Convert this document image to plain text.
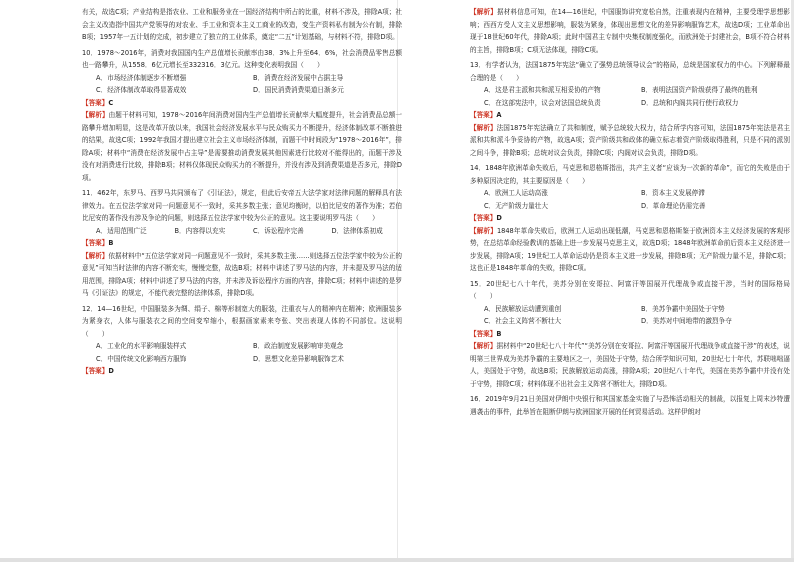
有关，故选C项；产业结构是指农业、工业和服务业在一国经济结构中所占的比重，材料不涉及，排除A项；社会主义改造指中国共产党领导的对农业、手工业和资本主义工商业的改造，变生产资料私有制为公有制，排除B项；1957年一五计划的完成，初步建立了独立的工业体系，奠定“二五”计划基础，与材料不符，排除D项。

10．1978～2016年，消费对我国国内生产总值增长贡献率由38．3%上升至64．6%，社会消费品零售总额也一路攀升，从1558．6亿元增长至332316．3亿元。这种变化表明我国（　　）

A．市场经济体制逐步不断增强	B．消费在经济发展中占据主导
C．经济体制改革取得显著成效	D．国民消费消费渠道日渐多元

【答案】C

【解析】由题干材料可知，1978～2016年间消费对国内生产总值增长贡献率大幅度提升，社会消费品总额一路攀升增加明显，这是改革开放以来，我国社会经济发展水平与民众购买力不断提升，经济体制改革不断推进的结果，故选C项；1992年我国才提出建立社会主义市场经济体制，而题干中时间段为“1978～2016年”，排除A项；材料中“消费在经济发展中占主导”是需要推动消费发展其他因素进行比较对不能得出的，而题干涉及没有对消费进行比较，排除B项；材料仅体现民众购买力的不断提升，并没有涉及到消费渠道是否多元，排除D项。

11．462年，东罗马、西罗马共同颁布了《引证法》，规定，但此后安帝五大法学家对法律问题的解释具有法律效力。在五位法学家对同一问题意见不一致时，采其多数主张；意见均衡时，以伯比尼安的著作为准；若伯比尼安的著作没有涉及争论的问题，则选择五位法学家中较为公正的意见。这主要说明罗马法（　　）

A．适用范围广泛	B．内容得以充实	C．诉讼程序完善	D．法律体系初成

【答案】B

【解析】依据材料中“五位法学家对同一问题意见不一致时，采其多数主张……则选择五位法学家中较为公正的意见”可知当时法律的内容不断充实，慢慢完整，故选B项；材料中讲述了罗马法的内容，并未提及罗马法的适用范围，排除A项；材料中讲述了罗马法的内容，并未涉及诉讼程序方面的内容，排除C项；材料中讲述的是罗马《引证法》的规定，不能代表完整的法律体系，排除D项。

12．14—16世纪，中国服装多为绸、绢子、棉等形制宽大的服装，注重衣与人的精神内在精神；欧洲服装多为紧身衣，人体与服装衣之间的空间变窄缩小，根据画家素来夸张、突出表现人体的不同部位。这说明（　　）

A．工业化的水平影响服装样式	B．政治制度发展影响审美观念
C．中国传统文化影响西方服饰	D．思想文化差异影响服饰艺术

【答案】D

【解析】据材料信息可知，在14—16世纪，中国服饰讲究宽松自然，注重表现内在精神，主要受理学思想影响；西西方受人文主义思想影响，服装为紧身，体现出思想文化的差异影响服饰艺术，故选D项；工业革命出现于18世纪60年代，排除A项；此时中国君主专制中央集权制度强化，而欧洲处于封建社会，B项不符合材料的主旨，排除B项；C项无法体现，排除C项。

13．有学者认为，法国1875年宪法“确立了强势总统领导议会”的格局，总统是国家权力的中心。下列解释最合理的是（　　）

A．这是君主派和共和派互相妥协的产物	B．表明法国资产阶级获得了最终的胜利
C．在这部宪法中，议会对法国总统负责	D．总统和内阁共同行使行政权力

【答案】A

【解析】法国1875年宪法确立了共和制度，赋予总统较大权力，结合所学内容可知，法国1875年宪法是君主派和共和派斗争妥协的产物，故选A项；资产阶级共和政体的确立标志着资产阶级取得胜利，只是不同的派别之间斗争，排除B项；总统对议会负责，排除C项；内阁对议会负责，排除D项。

14．1848年欧洲革命失败后，马克思和恩格斯指出，共产主义者“应该为一次新的革命”，而它的失败是由于多种原因决定的，其主要原因是（　　）

A．欧洲工人运动高涨	B．资本主义发展停滞
C．无产阶级力量壮大	D．革命理论仍需完善

【答案】D

【解析】1848年革命失败后，欧洲工人运动出现低潮，马克思和恩格斯鉴于欧洲资本主义经济发展的客观形势，在总结革命经验教训的基础上进一步发展马克思主义，故选D项；1848年欧洲革命前后资本主义经济进一步发展，排除A项；19世纪工人革命运动仍是资本主义进一步发展，排除B项；无产阶级力量不足，排除C项；这也正是1848年革命的失败，排除C项。

15．20世纪七八十年代，美苏分别在安哥拉、阿富汗等国展开代理战争或直接干涉，当时的国际格局（　　）

A．民族解放运动遭到重创	B．美苏争霸中美国处于守势
C．社会主义阵营不断壮大	D．美苏对中间地带的激烈争夺

【答案】B

【解析】据材料中“20世纪七八十年代”“美苏分别在安哥拉、阿富汗等国展开代理战争或直接干涉”的表述，说明第三世界成为美苏争霸的主要地区之一，美国处于守势，结合所学知识可知，20世纪七十年代，苏联咄咄逼人，美国处于守势，故选B项；民族解放运动高涨，排除A项；20世纪八十年代，美国在美苏争霸中并没有处于守势，排除C项；材料体现不出社会主义阵营不断壮大，排除D项。

16．2019年9月21日美国对伊朗中央银行和其国家基金实施了与恐怖活动相关的制裁，以报复上周末沙特遭遇袭击的事件，此举旨在阻断伊朗与欧洲国家开展的任何贸易活动。这样伊朗对
